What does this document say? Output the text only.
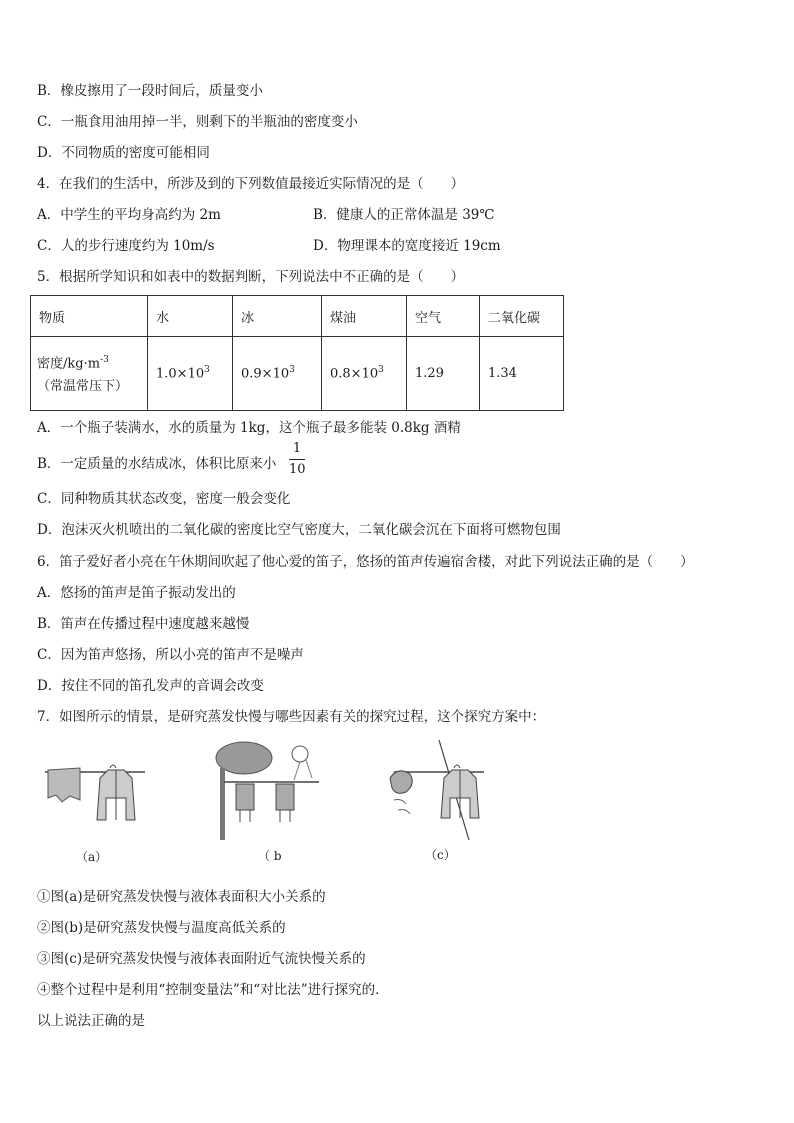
B．橡皮擦用了一段时间后，质量变小
C．一瓶食用油用掉一半，则剩下的半瓶油的密度变小
D．不同物质的密度可能相同
4．在我们的生活中，所涉及到的下列数值最接近实际情况的是（　　）
A．中学生的平均身高约为 2m	B．健康人的正常体温是 39℃
C．人的步行速度约为 10m/s	D．物理课本的宽度接近 19cm
5．根据所学知识和如表中的数据判断，下列说法中不正确的是（　　）
物质	水	冰	煤油	空气	二氧化碳
密度$/kg\cdot m^{-3}$
（常温常压下）	$1.0\times 10^3$	$0.9\times 10^3$	$0.8\times 10^3$	1.29	1.34
A．一个瓶子装满水，水的质量为 1kg，这个瓶子最多能装 0.8kg 酒精
B．一定质量的水结成冰，体积比原来小
1
10
C．同种物质其状态改变，密度一般会变化
D．泡沫灭火机喷出的二氧化碳的密度比空气密度大，二氧化碳会沉在下面将可燃物包围
6．笛子爱好者小亮在午休期间吹起了他心爱的笛子，悠扬的笛声传遍宿舍楼，对此下列说法正确的是（　　）
A．悠扬的笛声是笛子振动发出的
B．笛声在传播过程中速度越来越慢
C．因为笛声悠扬，所以小亮的笛声不是噪声
D．按住不同的笛孔发声的音调会改变
7．如图所示的情景，是研究蒸发快慢与哪些因素有关的探究过程，这个探究方案中：
（a）	（ b	（c）
①图(a)是研究蒸发快慢与液体表面积大小关系的
②图(b)是研究蒸发快慢与温度高低关系的
③图(c)是研究蒸发快慢与液体表面附近气流快慢关系的
④整个过程中是利用“控制变量法”和“对比法”进行探究的．
以上说法正确的是
